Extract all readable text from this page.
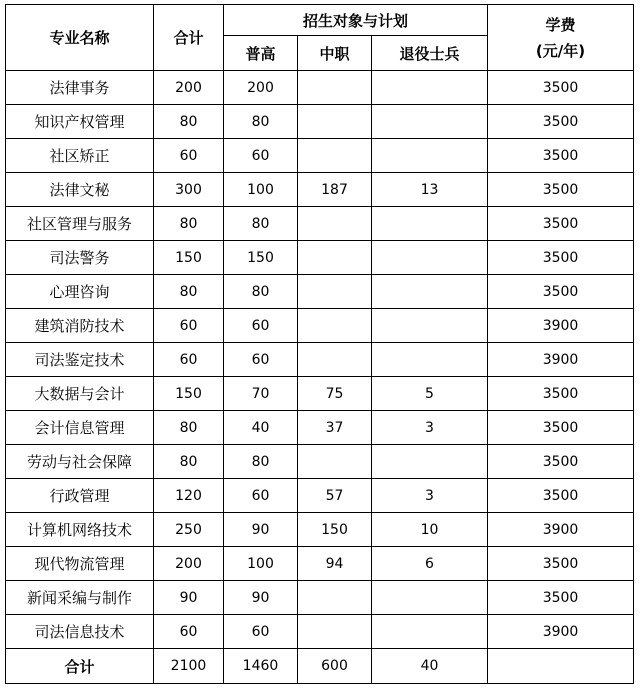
专业名称	合计	招生对象与计划			学费
(元/年)

		普高	中职	退役士兵	
法律事务	200	200			3500
知识产权管理	80	80			3500
社区矫正	60	60			3500
法律文秘	300	100	187	13	3500
社区管理与服务	80	80			3500
司法警务	150	150			3500
心理咨询	80	80			3500
建筑消防技术	60	60			3900
司法鉴定技术	60	60			3900
大数据与会计	150	70	75	5	3500
会计信息管理	80	40	37	3	3500
劳动与社会保障	80	80			3500
行政管理	120	60	57	3	3500
计算机网络技术	250	90	150	10	3900
现代物流管理	200	100	94	6	3500
新闻采编与制作	90	90			3500
司法信息技术	60	60			3900
合计	2100	1460	600	40	
